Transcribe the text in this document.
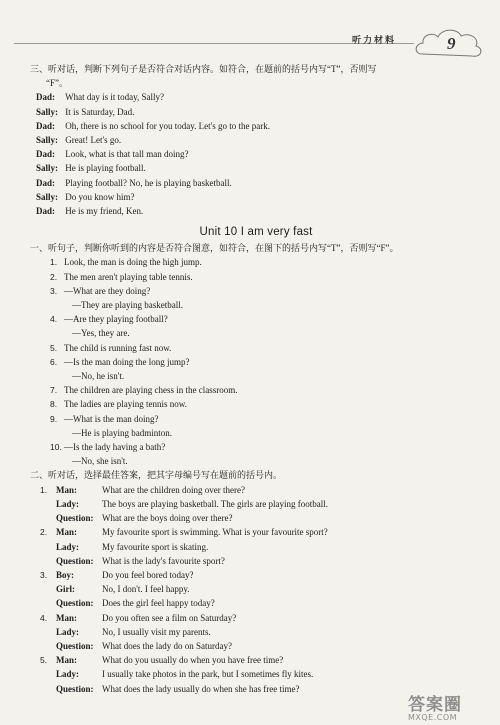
听力材料	9
三、听对话，判断下列句子是否符合对话内容。如符合，在题前的括号内写“T”，否则写
“F”。
Dad: What day is it today, Sally?
Sally: It is Saturday, Dad.
Dad: Oh, there is no school for you today. Let's go to the park.
Sally: Great! Let's go.
Dad: Look, what is that tall man doing?
Sally: He is playing football.
Dad: Playing football? No, he is playing basketball.
Sally: Do you know him?
Dad: He is my friend, Ken.
Unit 10 I am very fast
一、听句子，判断你听到的内容是否符合图意，如符合，在图下的括号内写“T”，否则写“F”。
1. Look, the man is doing the high jump.
2. The men aren't playing table tennis.
3. —What are they doing?
—They are playing basketball.
4. —Are they playing football?
—Yes, they are.
5. The child is running fast now.
6. —Is the man doing the long jump?
—No, he isn't.
7. The children are playing chess in the classroom.
8. The ladies are playing tennis now.
9. —What is the man doing?
—He is playing badminton.
10. —Is the lady having a bath?
—No, she isn't.
二、听对话，选择最佳答案，把其字母编号写在题前的括号内。
1. Man:	What are the children doing over there?
Lady:	The boys are playing basketball. The girls are playing football.
Question: What are the boys doing over there?
2. Man:	My favourite sport is swimming. What is your favourite sport?
Lady:	My favourite sport is skating.
Question: What is the lady's favourite sport?
3. Boy:	Do you feel bored today?
Girl:	No, I don't. I feel happy.
Question: Does the girl feel happy today?
4. Man:	Do you often see a film on Saturday?
Lady:	No, I usually visit my parents.
Question: What does the lady do on Saturday?
5. Man:	What do you usually do when you have free time?
Lady:	I usually take photos in the park, but I sometimes fly kites.
Question: What does the lady usually do when she has free time?
答案圈
MXQE.COM
